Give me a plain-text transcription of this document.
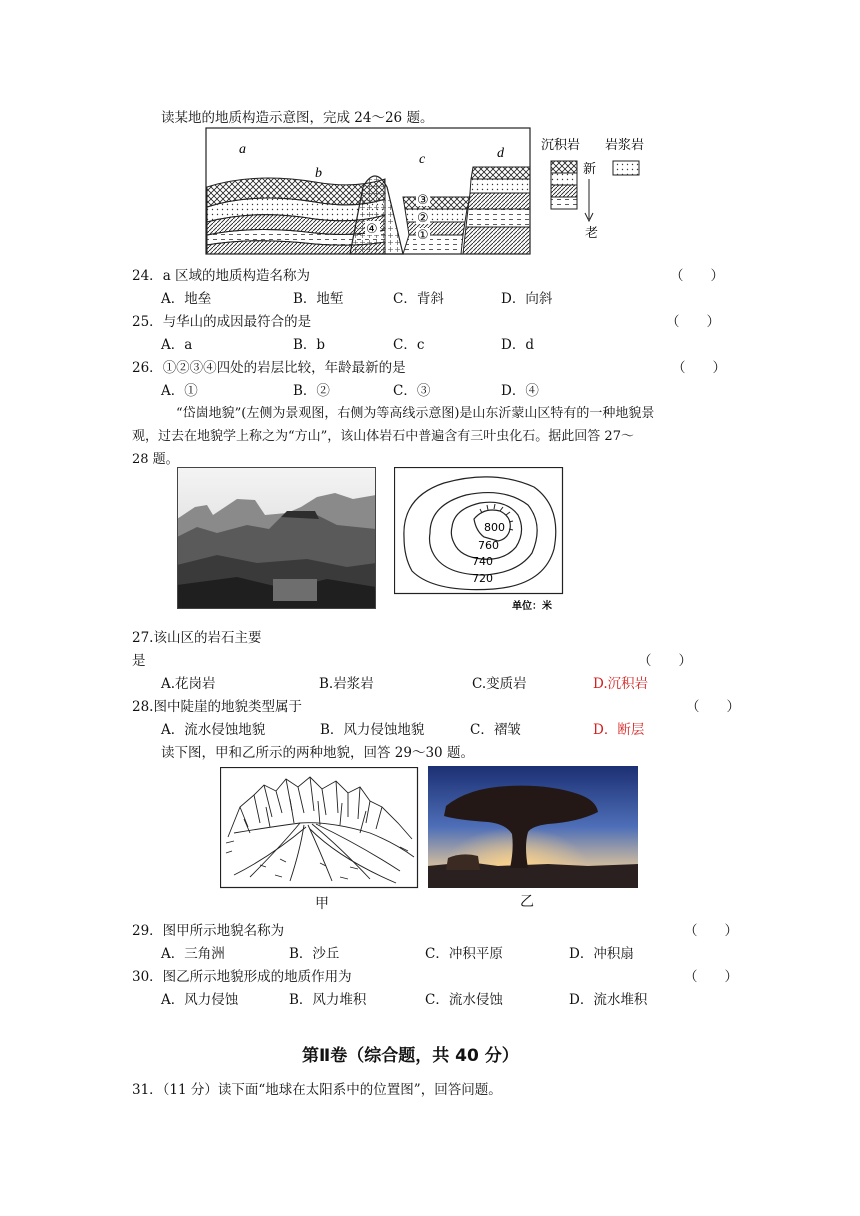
读某地的地质构造示意图，完成 24～26 题。
a
b
c	d
③
②
①
④
沉积岩 岩浆岩
新
老
24．a 区域的地质构造名称为	（　　）
A．地垒	B．地堑	C．背斜	D．向斜
25．与华山的成因最符合的是	（　　）
A．a	B．b	C．c	D．d
26．①②③④四处的岩层比较，年龄最新的是	（　　）
A．①	B．②	C．③	D．④
“岱崮地貌”(左侧为景观图，右侧为等高线示意图)是山东沂蒙山区特有的一种地貌景
观，过去在地貌学上称之为“方山”，该山体岩石中普遍含有三叶虫化石。据此回答 27～
28 题。
800
760
740
720
单位：米
27.该山区的岩石主要
是	（　　）
A.花岗岩	B.岩浆岩	C.变质岩	D.沉积岩
28.图中陡崖的地貌类型属于	（　　）
A．流水侵蚀地貌	B．风力侵蚀地貌	C．褶皱	D．断层
读下图，甲和乙所示的两种地貌，回答 29～30 题。
甲	乙
29．图甲所示地貌名称为	（　　）
A．三角洲	B．沙丘	C．冲积平原	D．冲积扇
30．图乙所示地貌形成的地质作用为	（　　）
A．风力侵蚀	B．风力堆积	C．流水侵蚀	D．流水堆积
第Ⅱ卷（综合题，共 40 分）
31．（11 分）读下面“地球在太阳系中的位置图”，回答问题。
